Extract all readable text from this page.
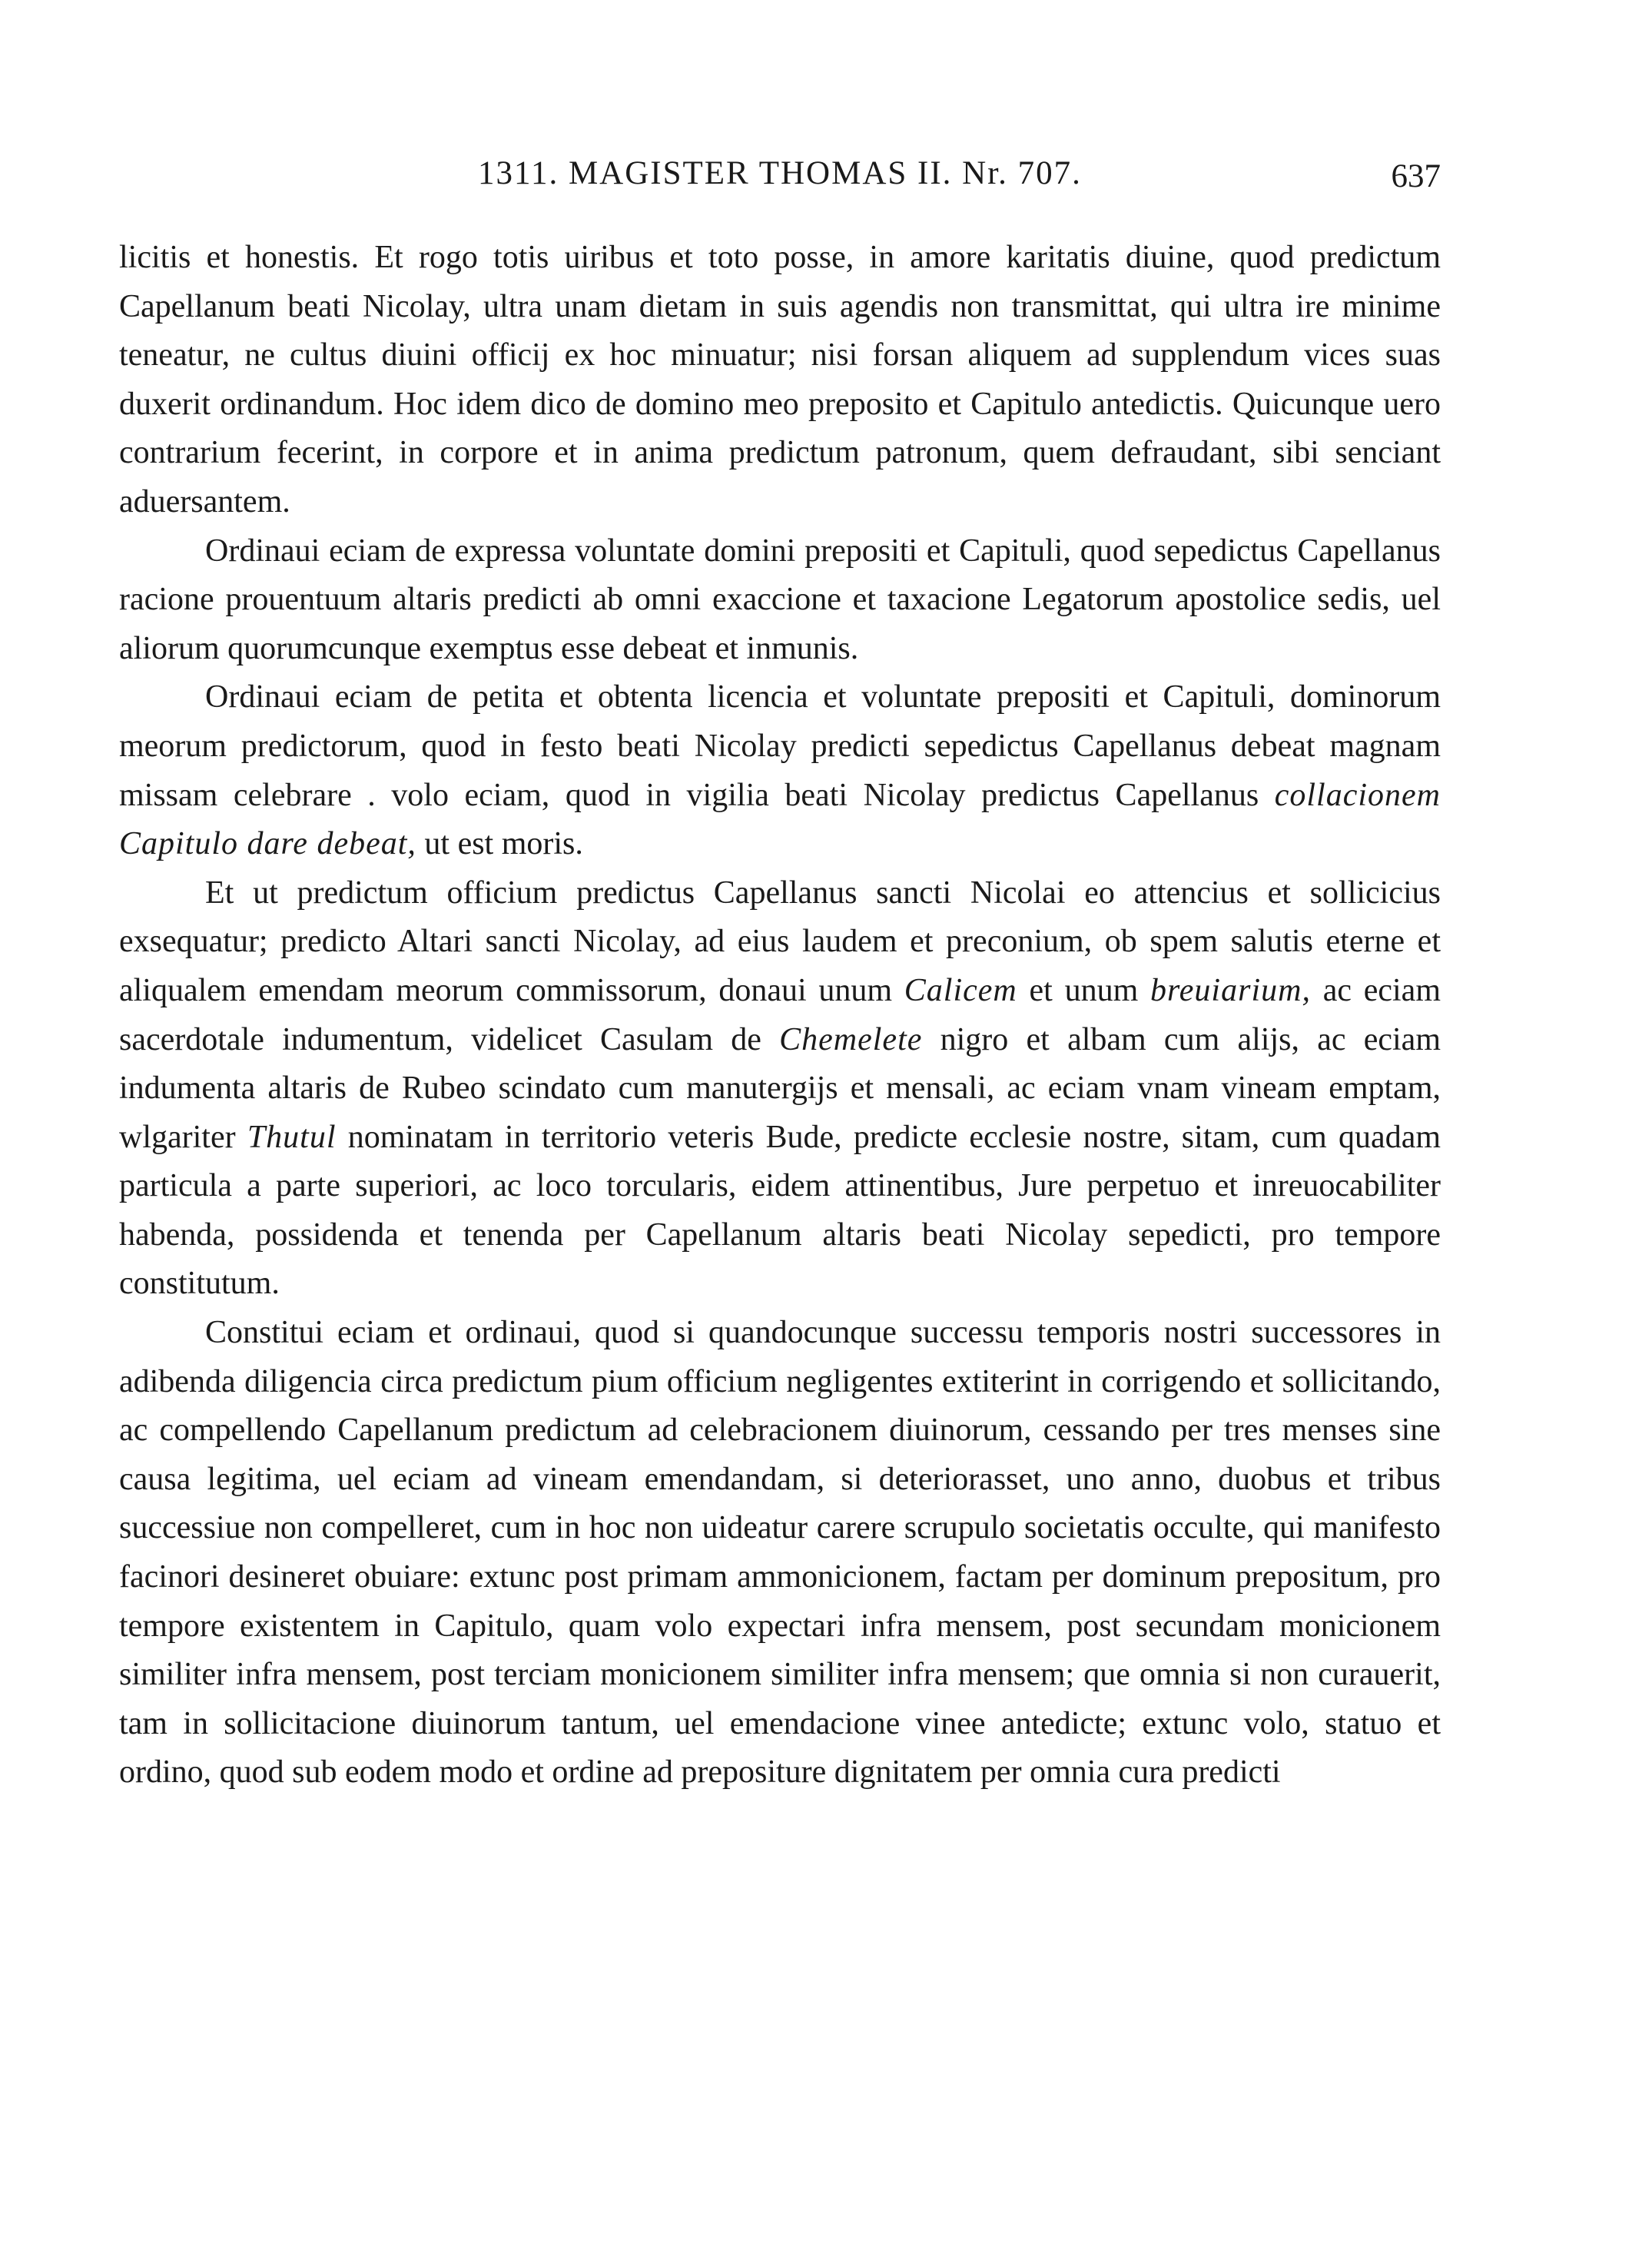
1311. MAGISTER THOMAS II. Nr. 707.	637

licitis et honestis. Et rogo totis uiribus et toto posse, in amore karitatis diuine, quod predictum Capellanum beati Nicolay, ultra unam dietam in suis agendis non transmittat, qui ultra ire minime teneatur, ne cultus diuini officij ex hoc minuatur; nisi forsan aliquem ad supplendum vices suas duxerit ordinandum. Hoc idem dico de domino meo preposito et Capitulo antedictis. Quicunque uero contrarium fecerint, in corpore et in anima predictum patronum, quem defraudant, sibi senciant aduersantem.

Ordinaui eciam de expressa voluntate domini prepositi et Capituli, quod sepedictus Capellanus racione prouentuum altaris predicti ab omni exaccione et taxacione Legatorum apostolice sedis, uel aliorum quorumcunque exemptus esse debeat et inmunis.

Ordinaui eciam de petita et obtenta licencia et voluntate prepositi et Capituli, dominorum meorum predictorum, quod in festo beati Nicolay predicti sepedictus Capellanus debeat magnam missam celebrare . volo eciam, quod in vigilia beati Nicolay predictus Capellanus collacionem Capitulo dare debeat, ut est moris.

Et ut predictum officium predictus Capellanus sancti Nicolai eo attencius et sollicicius exsequatur; predicto Altari sancti Nicolay, ad eius laudem et preconium, ob spem salutis eterne et aliqualem emendam meorum commissorum, donaui unum Calicem et unum breuiarium, ac eciam sacerdotale indumentum, videlicet Casulam de Chemelete nigro et albam cum alijs, ac eciam indumenta altaris de Rubeo scindato cum manutergijs et mensali, ac eciam vnam vineam emptam, wlgariter Thutul nominatam in territorio veteris Bude, predicte ecclesie nostre, sitam, cum quadam particula a parte superiori, ac loco torcularis, eidem attinentibus, Jure perpetuo et inreuocabiliter habenda, possidenda et tenenda per Capellanum altaris beati Nicolay sepedicti, pro tempore constitutum.

Constitui eciam et ordinaui, quod si quandocunque successu temporis nostri successores in adibenda diligencia circa predictum pium officium negligentes extiterint in corrigendo et sollicitando, ac compellendo Capellanum predictum ad celebracionem diuinorum, cessando per tres menses sine causa legitima, uel eciam ad vineam emendandam, si deteriorasset, uno anno, duobus et tribus successiue non compelleret, cum in hoc non uideatur carere scrupulo societatis occulte, qui manifesto facinori desineret obuiare: extunc post primam ammonicionem, factam per dominum prepositum, pro tempore existentem in Capitulo, quam volo expectari infra mensem, post secundam monicionem similiter infra mensem, post terciam monicionem similiter infra mensem; que omnia si non curauerit, tam in sollicitacione diuinorum tantum, uel emendacione vinee antedicte; extunc volo, statuo et ordino, quod sub eodem modo et ordine ad prepositure dignitatem per omnia cura predicti
